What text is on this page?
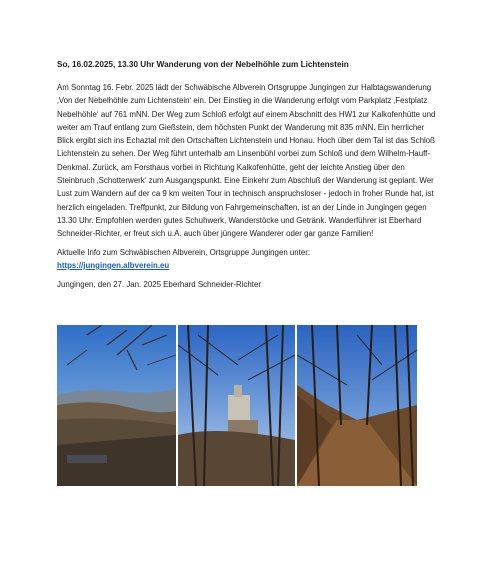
So, 16.02.2025, 13.30 Uhr Wanderung von der Nebelhöhle zum Lichtenstein

Am Sonntag 16. Febr. 2025 lädt der Schwäbische Albverein Ortsgruppe Jungingen zur Halbtagswanderung ‚Von der Nebelhöhle zum Lichtenstein‘ ein. Der Einstieg in die Wanderung erfolgt vom Parkplatz ‚Festplatz Nebelhöhle‘ auf 761 mNN. Der Weg zum Schloß erfolgt auf einem Abschnitt des HW1 zur Kalkofenhütte und weiter am Trauf entlang zum Gießstein, dem höchsten Punkt der Wanderung mit 835 mNN. Ein herrlicher Blick ergibt sich ins Echaztal mit den Ortschaften Lichtenstein und Honau. Hoch über dem Tal ist das Schloß Lichtenstein zu sehen. Der Weg führt unterhalb am Linsenbühl vorbei zum Schloß und dem Wilhelm-Hauff-Denkmal. Zurück, am Forsthaus vorbei in Richtung Kalkofenhütte, geht der leichte Anstieg über den Steinbruch ‚Schotterwerk‘ zum Ausgangspunkt. Eine Einkehr zum Abschluß der Wanderung ist geplant. Wer Lust zum Wandern auf der ca 9 km weiten Tour in technisch anspruchsloser - jedoch in froher Runde hat, ist herzlich eingeladen. Treffpunkt, zur Bildung von Fahrgemeinschaften, ist an der Linde in Jungingen gegen 13.30 Uhr. Empfohlen werden gutes Schuhwerk, Wanderstöcke und Getränk. Wanderführer ist Eberhard Schneider-Richter, er freut sich u.A. auch über jüngere Wanderer oder gar ganze Familien!

Aktuelle Info zum Schwäbischen Albverein, Ortsgruppe Jungingen unter:
https://jungingen.albverein.eu

Jungingen, den 27. Jan. 2025 Eberhard Schneider-Richter
